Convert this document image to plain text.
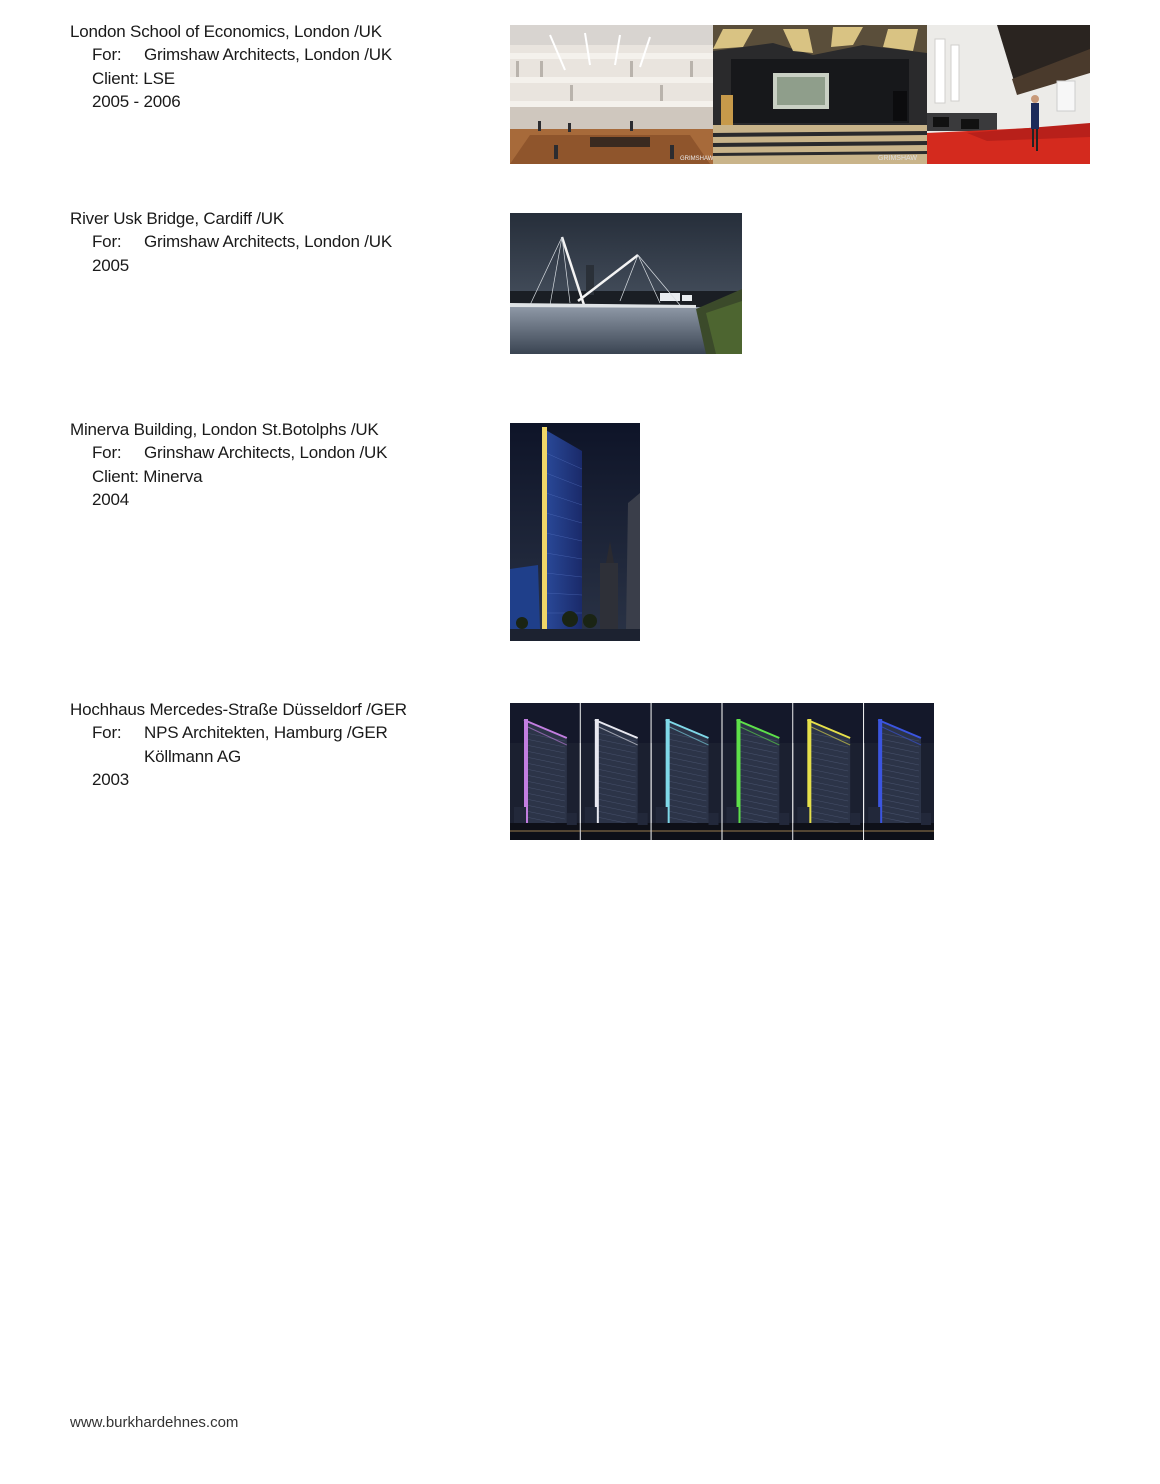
London School of Economics, London /UK
For: Grimshaw Architects, London /UK
Client: LSE
2005 - 2006
GRIMSHAW	GRIMSHAW
River Usk Bridge, Cardiff /UK
For: Grimshaw Architects, London /UK
2005
Minerva Building, London St.Botolphs /UK
For: Grinshaw Architects, London /UK
Client: Minerva
2004
Hochhaus Mercedes-Straße Düsseldorf /GER
For: NPS Architekten, Hamburg /GER
Köllmann AG
2003
www.burkhardehnes.com
